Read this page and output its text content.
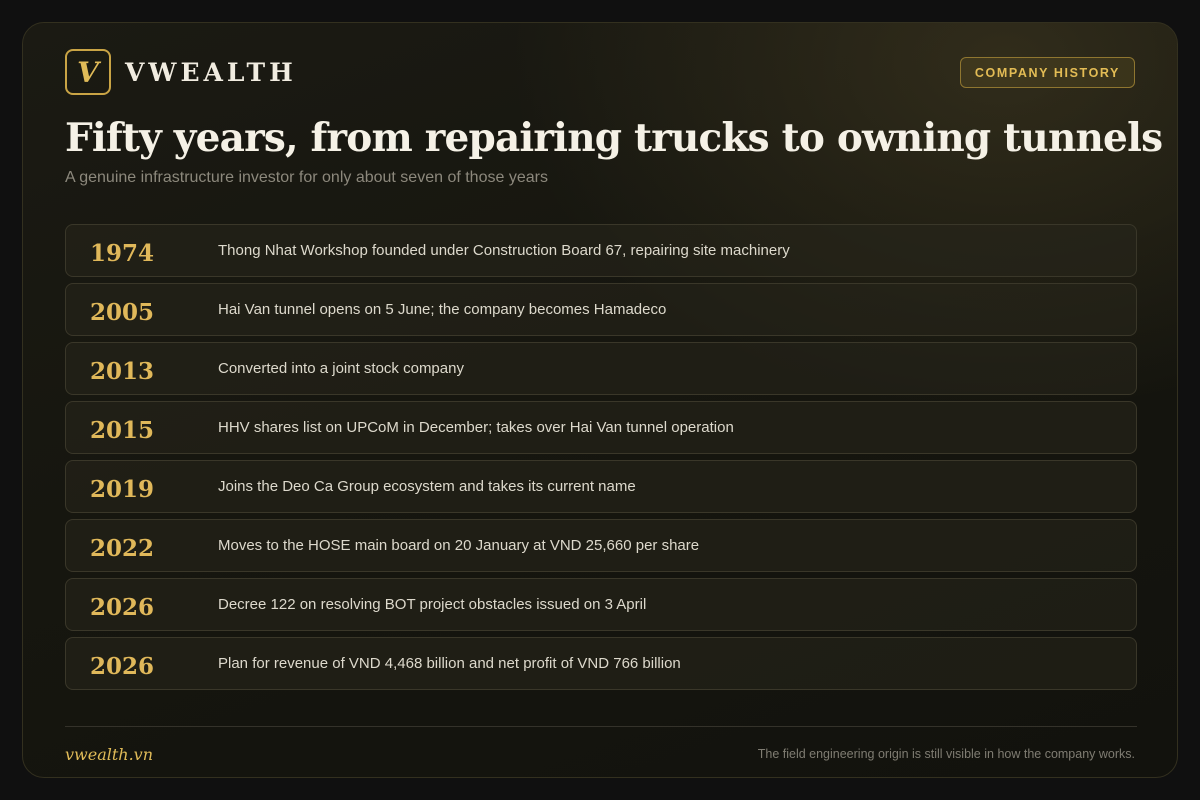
V	VWEALTH	COMPANY HISTORY
Fifty years, from repairing trucks to owning tunnels

A genuine infrastructure investor for only about seven of those years

1974	Thong Nhat Workshop founded under Construction Board 67, repairing site machinery
2005	Hai Van tunnel opens on 5 June; the company becomes Hamadeco
2013	Converted into a joint stock company
2015	HHV shares list on UPCoM in December; takes over Hai Van tunnel operation
2019	Joins the Deo Ca Group ecosystem and takes its current name
2022	Moves to the HOSE main board on 20 January at VND 25,660 per share
2026	Decree 122 on resolving BOT project obstacles issued on 3 April
2026	Plan for revenue of VND 4,468 billion and net profit of VND 766 billion
vwealth.vn	The field engineering origin is still visible in how the company works.
